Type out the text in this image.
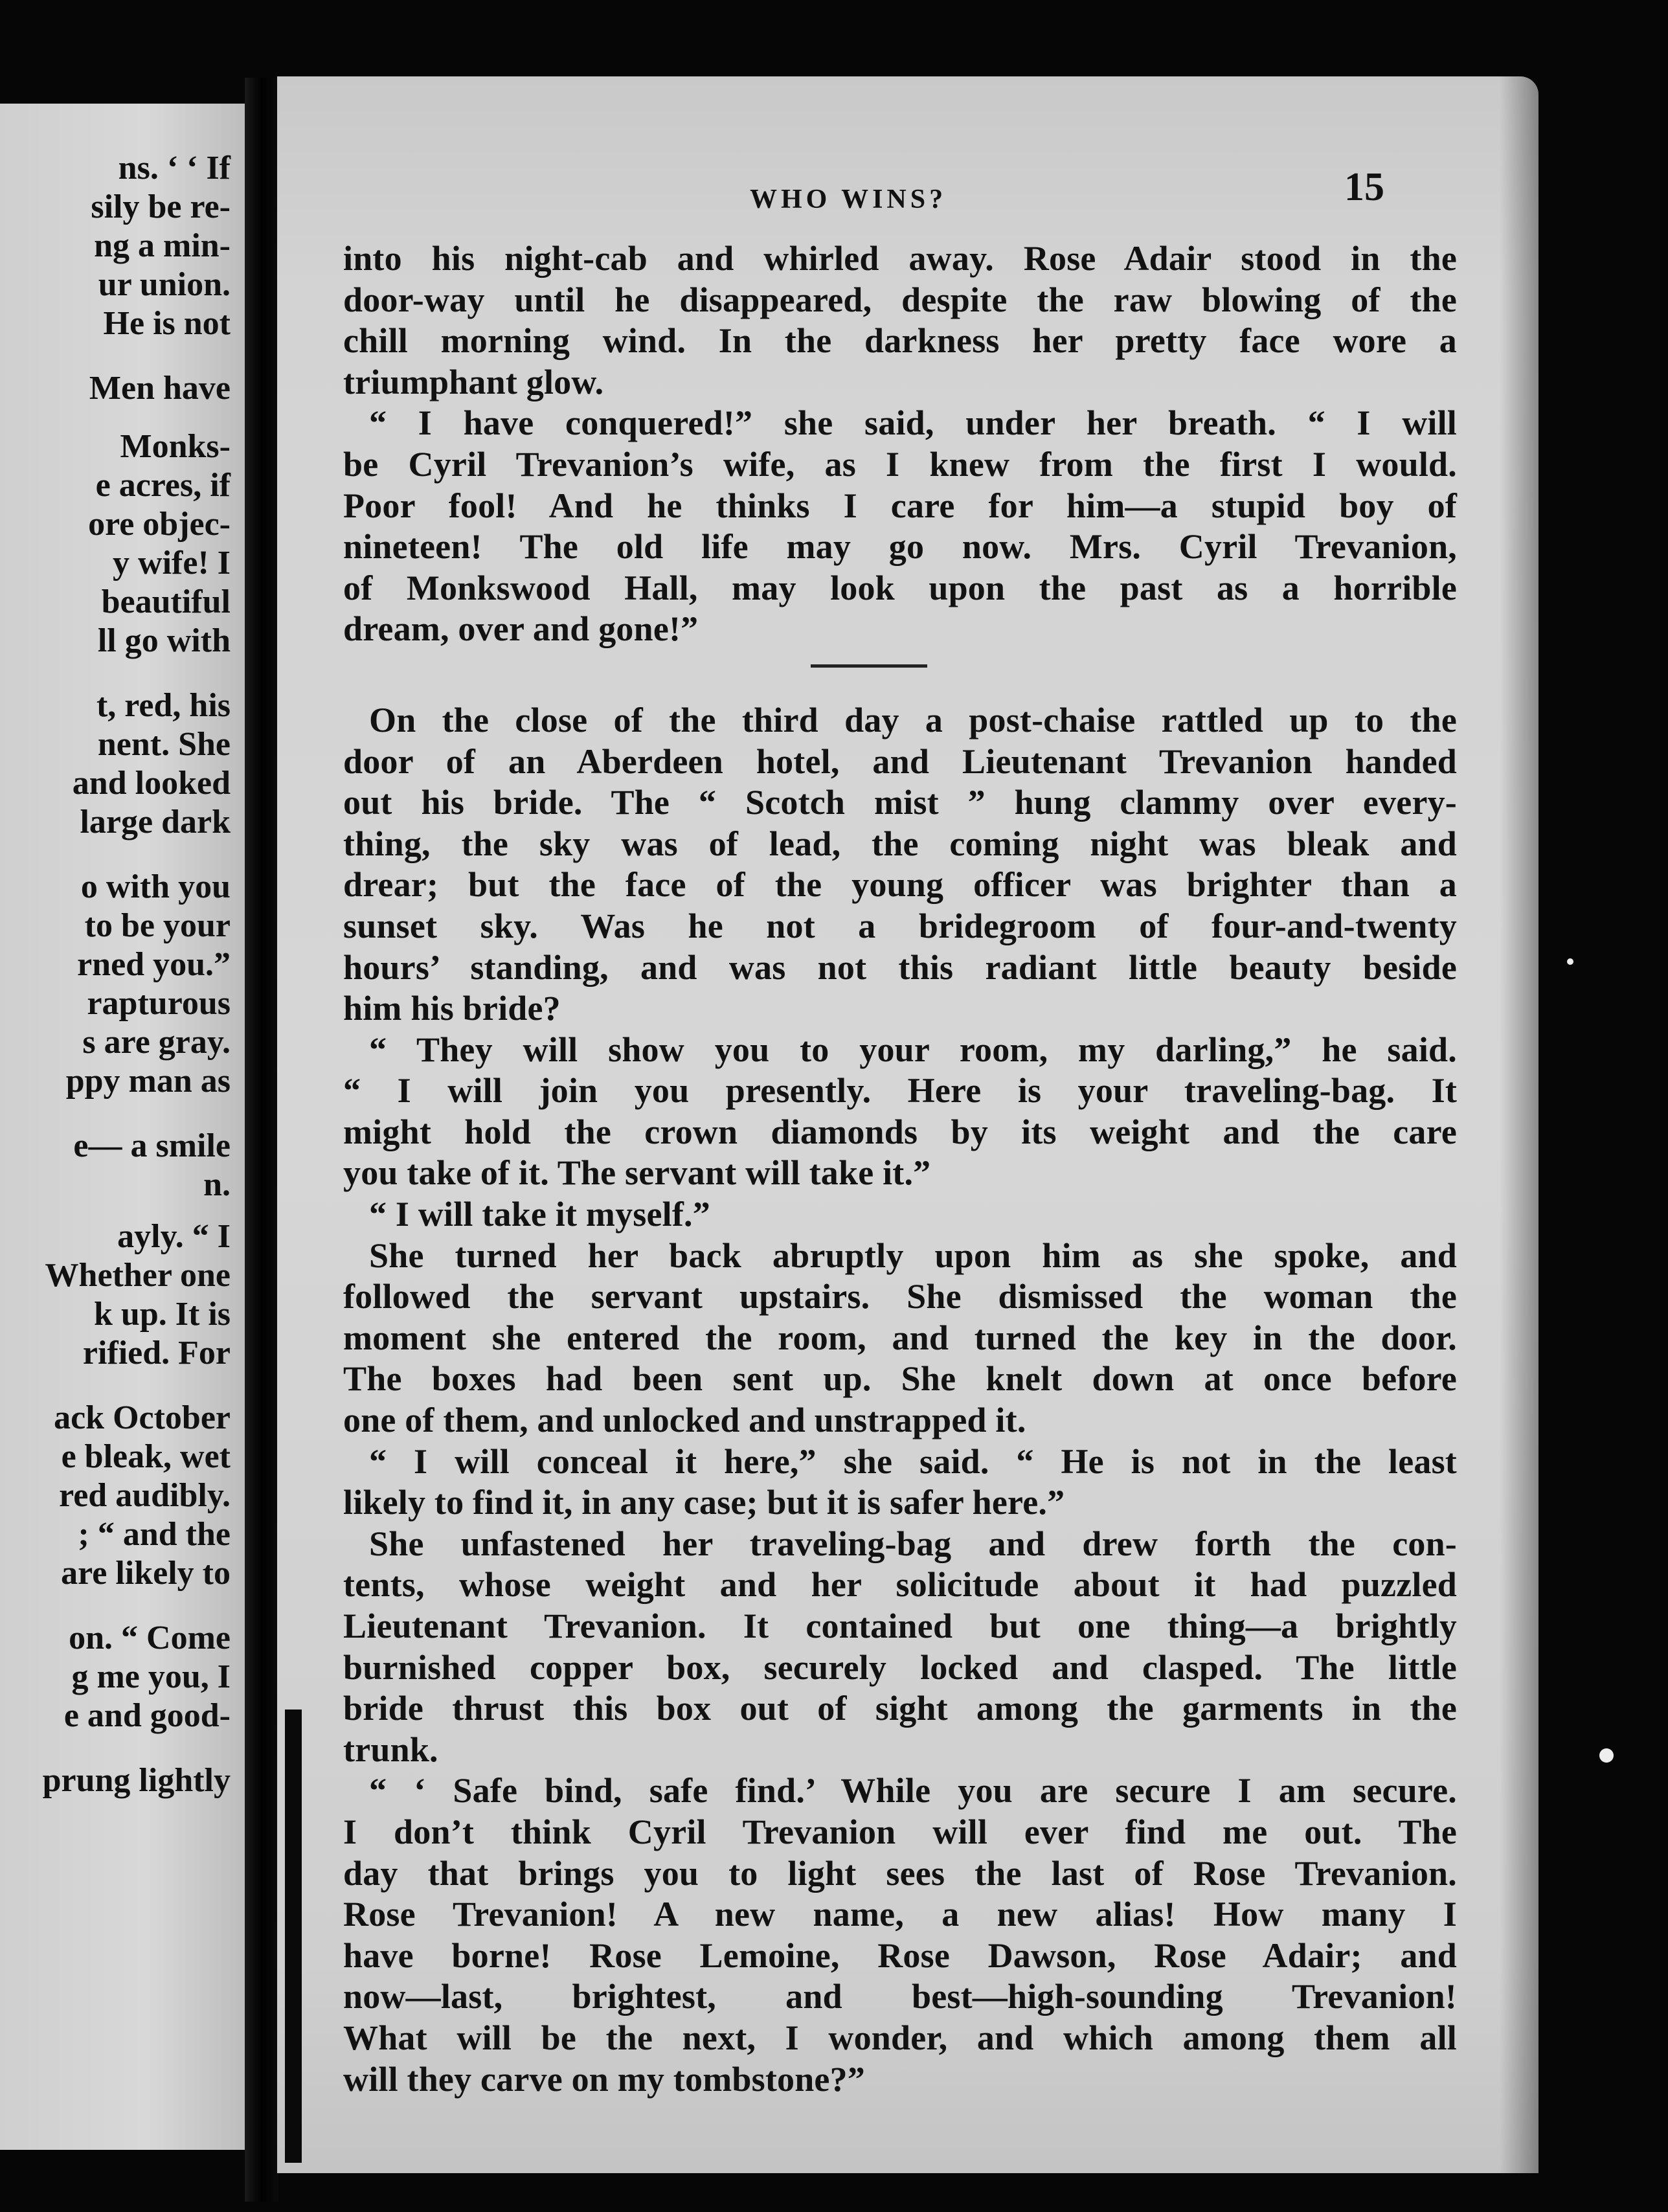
ns. ‘ ‘ If
sily be re-
ng a min-
ur union.
He is not
Men have
Monks-
e acres, if
ore objec-
y wife! I
beautiful
ll go with
t, red, his
nent. She
and looked
large dark
o with you
to be your
rned you.”
rapturous
s are gray.
ppy man as
e— a smile
n.
ayly. “ I
Whether one
k up. It is
rified. For
ack October
e bleak, wet
red audibly.
; “ and the
are likely to
on. “ Come
g me you, I
e and good-
prung lightly
WHO WINS?	15
into his night-cab and whirled away. Rose Adair stood in the
door-way until he disappeared, despite the raw blowing of the
chill morning wind. In the darkness her pretty face wore a
triumphant glow.
“ I have conquered!” she said, under her breath. “ I will
be Cyril Trevanion’s wife, as I knew from the first I would.
Poor fool! And he thinks I care for him—a stupid boy of
nineteen! The old life may go now. Mrs. Cyril Trevanion,
of Monkswood Hall, may look upon the past as a horrible
dream, over and gone!”
On the close of the third day a post-chaise rattled up to the
door of an Aberdeen hotel, and Lieutenant Trevanion handed
out his bride. The “ Scotch mist ” hung clammy over every-
thing, the sky was of lead, the coming night was bleak and
drear; but the face of the young officer was brighter than a
sunset sky. Was he not a bridegroom of four-and-twenty
hours’ standing, and was not this radiant little beauty beside
him his bride?
“ They will show you to your room, my darling,” he said.
“ I will join you presently. Here is your traveling-bag. It
might hold the crown diamonds by its weight and the care
you take of it. The servant will take it.”
“ I will take it myself.”
She turned her back abruptly upon him as she spoke, and
followed the servant upstairs. She dismissed the woman the
moment she entered the room, and turned the key in the door.
The boxes had been sent up. She knelt down at once before
one of them, and unlocked and unstrapped it.
“ I will conceal it here,” she said. “ He is not in the least
likely to find it, in any case; but it is safer here.”
She unfastened her traveling-bag and drew forth the con-
tents, whose weight and her solicitude about it had puzzled
Lieutenant Trevanion. It contained but one thing—a brightly
burnished copper box, securely locked and clasped. The little
bride thrust this box out of sight among the garments in the
trunk.
“ ‘ Safe bind, safe find.’ While you are secure I am secure.
I don’t think Cyril Trevanion will ever find me out. The
day that brings you to light sees the last of Rose Trevanion.
Rose Trevanion! A new name, a new alias! How many I
have borne! Rose Lemoine, Rose Dawson, Rose Adair; and
now—last, brightest, and best—high-sounding Trevanion!
What will be the next, I wonder, and which among them all
will they carve on my tombstone?”
